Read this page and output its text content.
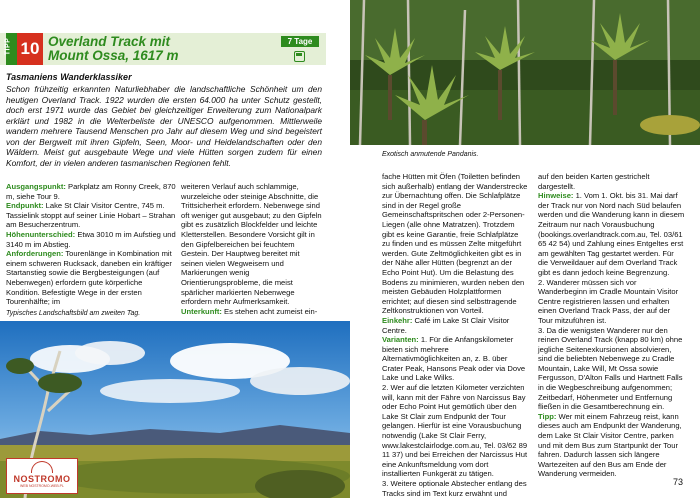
TIPP 10 Overland Track mit
Mount Ossa, 1617 m
7 Tage
Tasmaniens Wanderklassiker
Schon frühzeitig erkannten Naturliebhaber die landschaftliche Schönheit um den heutigen Overland Track. 1922 wurden die ersten 64.000 ha unter Schutz gestellt, doch erst 1971 wurde das Gebiet bei gleichzeitiger Erweiterung zum Nationalpark erklärt und 1982 in die Welterbeliste der UNESCO aufgenommen. Mittlerweile wandern mehrere Tausend Menschen pro Jahr auf diesem Weg und sind begeistert von der Bergwelt mit ihren Gipfeln, Seen, Moor- und Heidelandschaften oder den Wäldern. Meist gut ausgebaute Wege und viele Hütten sorgen zudem für einen Komfort, der in vielen anderen tasmanischen Regionen fehlt.
Ausgangspunkt: Parkplatz am Ronny Creek, 870 m, siehe Tour 9.
Endpunkt: Lake St Clair Visitor Centre, 745 m. Tassielink stoppt auf seiner Linie Hobart – Strahan am Besucherzentrum.
Höhenunterschied: Etwa 3010 m im Aufstieg und 3140 m im Abstieg.
Anforderungen: Tourenlänge in Kombination mit einem schweren Rucksack, daneben ein kräftiger Startanstieg sowie die Bergbesteigungen (auf Nebenwegen) erfordern gute körperliche Kondition. Befestigte Wege in der ersten Tourenhälfte; im
weiteren Verlauf auch schlammige, wurzeleiche oder steinige Abschnitte, die Trittsicherheit erfordern. Nebenwege sind oft weniger gut ausgebaut; zu den Gipfeln gibt es zusätzlich Blockfelder und leichte Kletterstellen. Besondere Vorsicht gilt in den Gipfelbereichen bei feuchtem Gestein. Der Hauptweg bereitet mit seinen vielen Wegweisern und Markierungen wenig Orientierungsprobleme, die meist spärlicher markierten Nebenwege erfordern mehr Aufmerksamkeit.
Unterkunft: Es stehen acht zumeist ein-
Typisches Landschaftsbild am zweiten Tag.
NOSTROMO
WEB NOSTROMO-WEB.PL
Exotisch anmutende Pandanis.
fache Hütten mit Öfen (Toiletten befinden sich außerhalb) entlang der Wanderstrecke zur Übernachtung offen. Die Schlafplätze sind in der Regel große Gemeinschaftspritschen oder 2-Personen-Liegen (alle ohne Matratzen). Trotzdem gibt es keine Garantie, freie Schlafplätze zu finden und es müssen Zelte mitgeführt werden. Gute Zeltmöglichkeiten gibt es in der Nähe aller Hütten (begrenzt an der Echo Point Hut). Um die Belastung des Bodens zu minimieren, wurden neben den meisten Gebäuden Holzplattformen errichtet; auf diesen sind selbsttragende Zeltkonstruktionen von Vorteil.
Einkehr: Café im Lake St Clair Visitor Centre.
Varianten: 1. Für die Anfangskilometer bieten sich mehrere Alternativmöglichkeiten an, z. B. über Crater Peak, Hansons Peak oder via Dove Lake und Lake Wilks.
2. Wer auf die letzten Kilometer verzichten will, kann mit der Fähre von Narcissus Bay oder Echo Point Hut gemütlich über den Lake St Clair zum Endpunkt der Tour gelangen. Hierfür ist eine Vorausbuchung notwendig (Lake St Clair Ferry, www.lakestclairlodge.com.au, Tel. 03/62 89 11 37) und bei Erreichen der Narcissus Hut eine Ankunftsmeldung vom dort installierten Funkgerät zu tätigen.
3. Weitere optionale Abstecher entlang des Tracks sind im Text kurz erwähnt und
auf den beiden Karten gestrichelt dargestellt.
Hinweise: 1. Vom 1. Okt. bis 31. Mai darf der Track nur von Nord nach Süd belaufen werden und die Wanderung kann in diesem Zeitraum nur nach Vorausbuchung (bookings.overlandtrack.com.au, Tel. 03/61 65 42 54) und Zahlung eines Entgeltes erst am gewählten Tag gestartet werden. Für die Verweildauer auf dem Overland Track gibt es dann jedoch keine Begrenzung.
2. Wanderer müssen sich vor Wanderbeginn im Cradle Mountain Visitor Centre registrieren lassen und erhalten einen Overland Track Pass, der auf der Tour mitzuführen ist.
3. Da die wenigsten Wanderer nur den reinen Overland Track (knapp 80 km) ohne jegliche Seitenexkursionen absolvieren, sind die beliebten Nebenwege zu Cradle Mountain, Lake Will, Mt Ossa sowie Fergusson, D'Alton Falls und Hartnett Falls in die Wegbeschreibung aufgenommen; Zeitbedarf, Höhenmeter und Entfernung fließen in die Gesamtberechnung ein.
Tipp: Wer mit einem Fahrzeug reist, kann dieses auch am Endpunkt der Wanderung, dem Lake St Clair Visitor Centre, parken und mit dem Bus zum Startpunkt der Tour fahren. Dadurch lassen sich längere Wartezeiten auf den Bus am Ende der Wanderung vermeiden.
73
